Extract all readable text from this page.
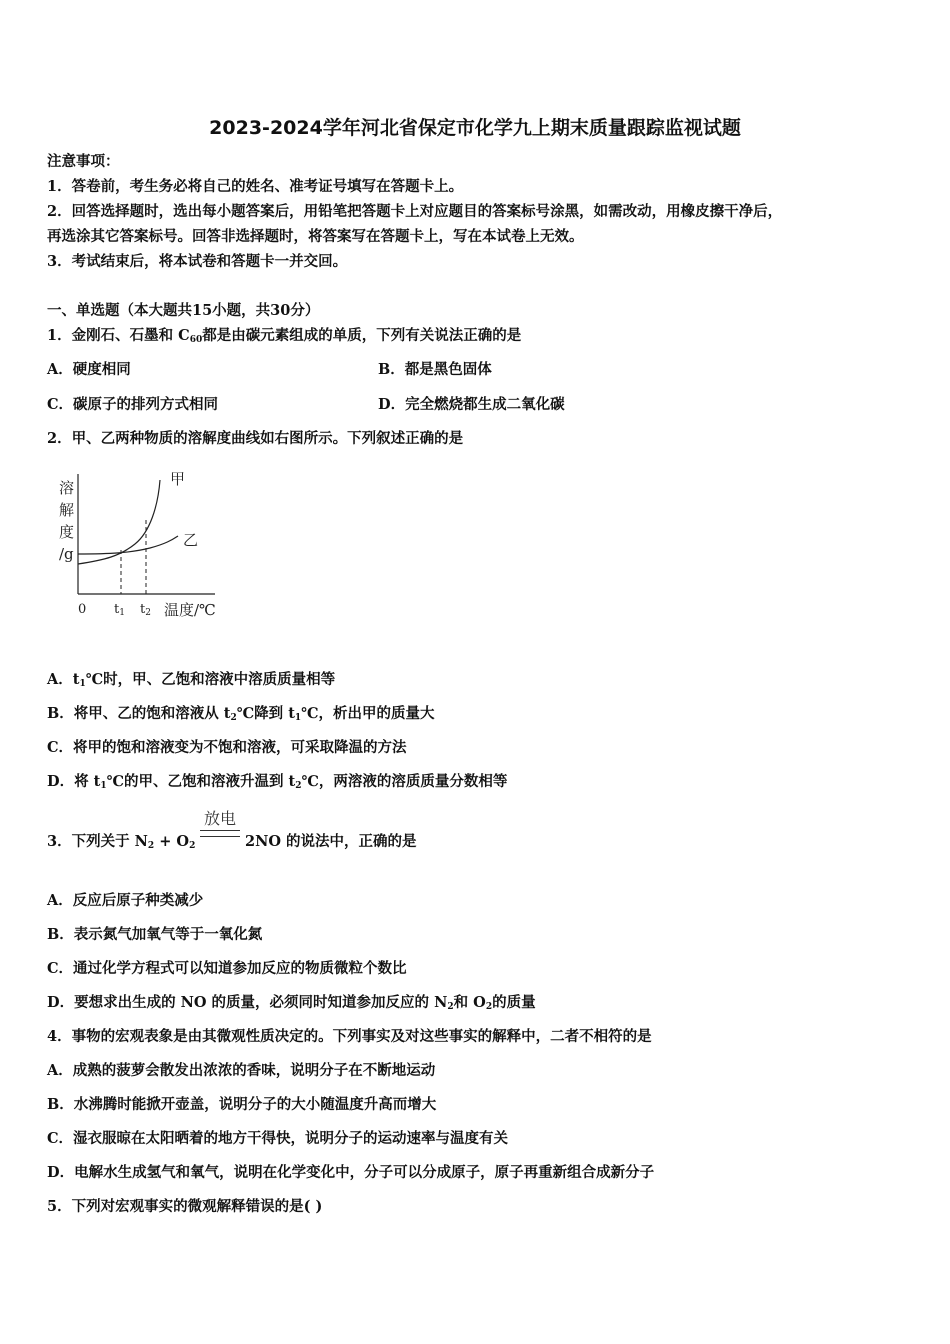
2023-2024学年河北省保定市化学九上期末质量跟踪监视试题
注意事项：
1．答卷前，考生务必将自己的姓名、准考证号填写在答题卡上。
2．回答选择题时，选出每小题答案后，用铅笔把答题卡上对应题目的答案标号涂黑，如需改动，用橡皮擦干净后，
再选涂其它答案标号。回答非选择题时，将答案写在答题卡上，写在本试卷上无效。
3．考试结束后，将本试卷和答题卡一并交回。
一、单选题（本大题共15小题，共30分）
1．金刚石、石墨和 $C_{60}$都是由碳元素组成的单质，下列有关说法正确的是
A．硬度相同	B．都是黑色固体
C．碳原子的排列方式相同	D．完全燃烧都生成二氧化碳
2．甲、乙两种物质的溶解度曲线如右图所示。下列叙述正确的是
溶
解
度
/g
甲
乙
0 t1 t2 温度/℃
A．$t_1℃$时，甲、乙饱和溶液中溶质质量相等
B．将甲、乙的饱和溶液从 $t_2℃$降到 $t_1℃$，析出甲的质量大
C．将甲的饱和溶液变为不饱和溶液，可采取降温的方法
D．将 $t_1℃$的甲、乙饱和溶液升温到 $t_2℃$，两溶液的溶质质量分数相等
3．下列关于 $N_2 + O_2$
放电
2NO 的说法中，正确的是
A．反应后原子种类减少
B．表示氮气加氧气等于一氧化氮
C．通过化学方程式可以知道参加反应的物质微粒个数比
D．要想求出生成的 NO 的质量，必须同时知道参加反应的 $N_2$和 $O_2$的质量
4．事物的宏观表象是由其微观性质决定的。下列事实及对这些事实的解释中，二者不相符的是
A．成熟的菠萝会散发出浓浓的香味，说明分子在不断地运动
B．水沸腾时能掀开壶盖，说明分子的大小随温度升高而增大
C．湿衣服晾在太阳晒着的地方干得快，说明分子的运动速率与温度有关
D．电解水生成氢气和氧气，说明在化学变化中，分子可以分成原子，原子再重新组合成新分子
5．下列对宏观事实的微观解释错误的是( )
